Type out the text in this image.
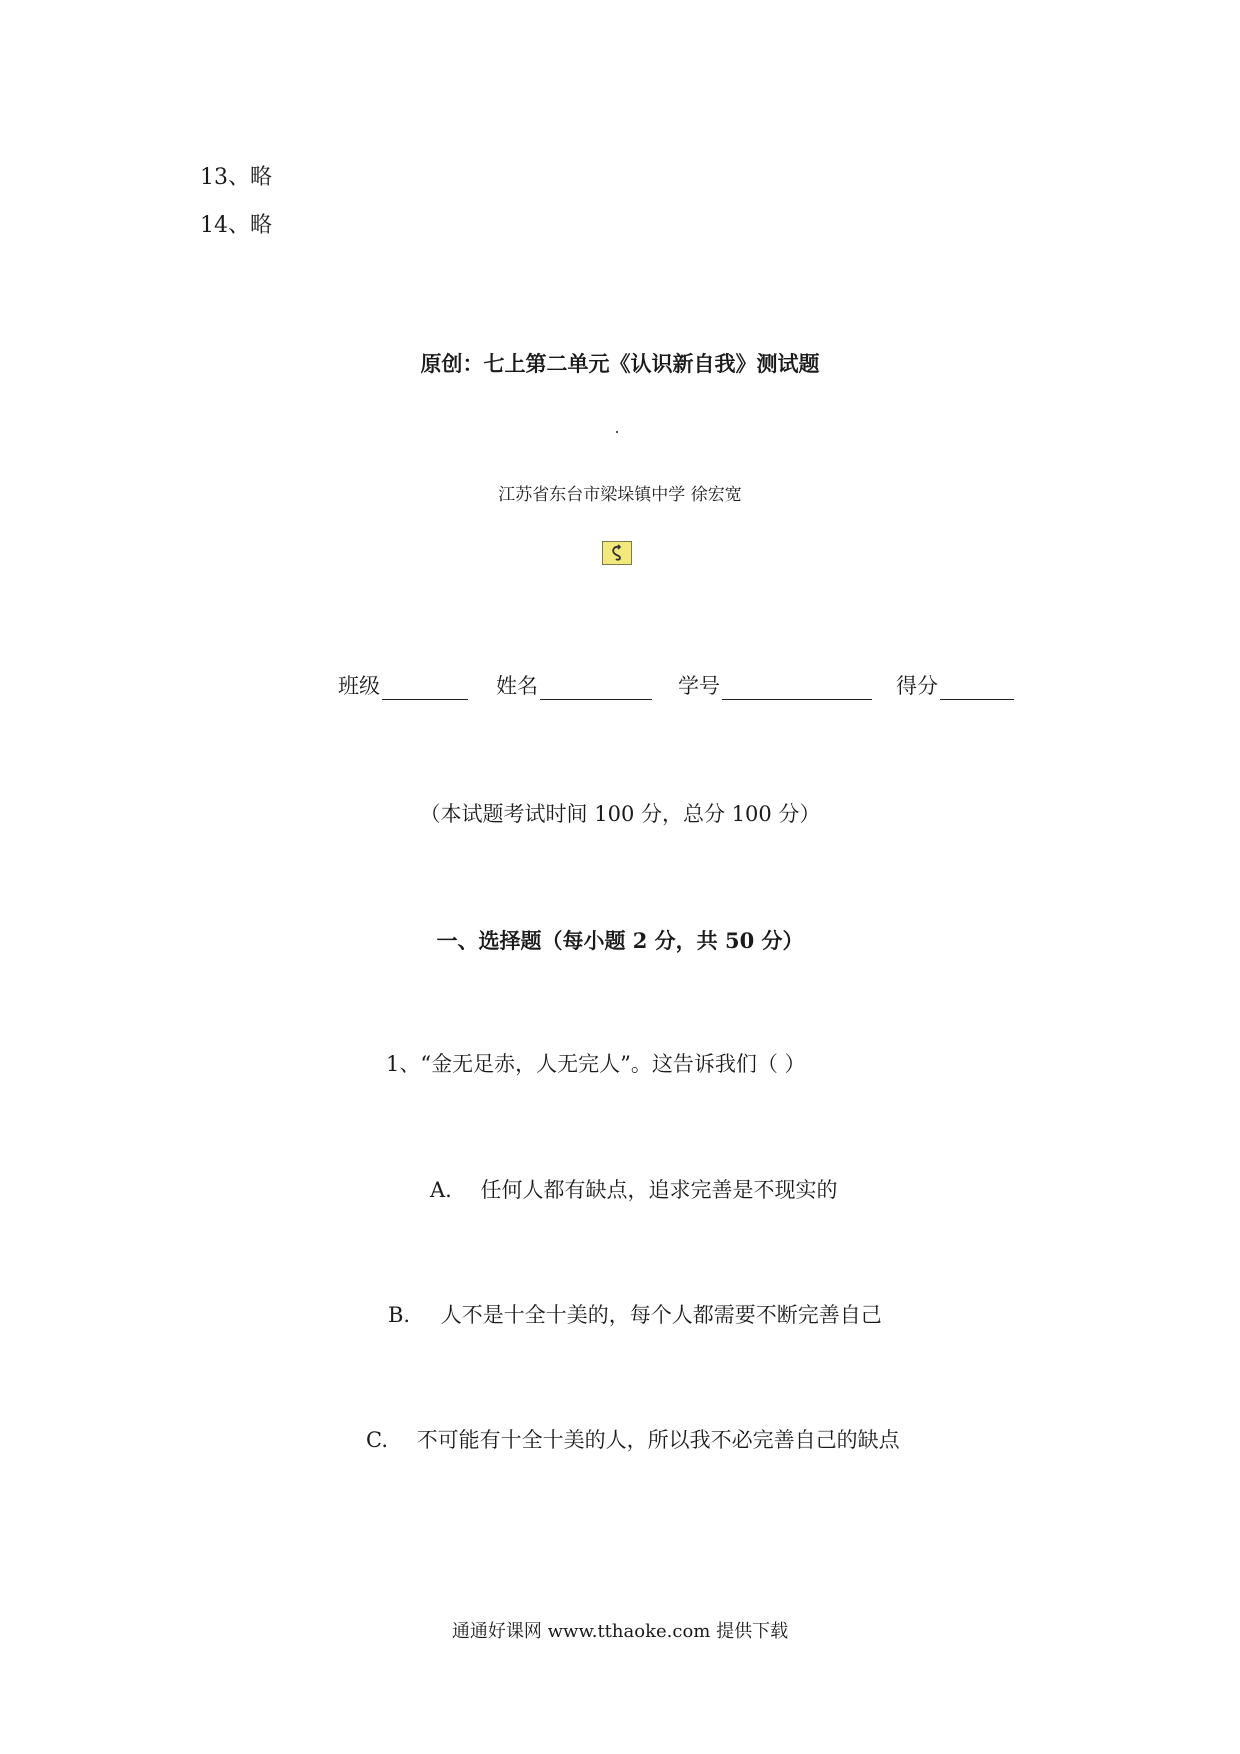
13、略
14、略
原创：七上第二单元《认识新自我》测试题
江苏省东台市梁垛镇中学 徐宏宽
班级	姓名	学号	得分
（本试题考试时间 100 分，总分 100 分）
一、选择题（每小题 2 分，共 50 分）
1、“金无足赤，人无完人”。这告诉我们（ ）
A. 任何人都有缺点，追求完善是不现实的
B. 人不是十全十美的，每个人都需要不断完善自己
C. 不可能有十全十美的人，所以我不必完善自己的缺点
通通好课网 www.tthaoke.com 提供下载
